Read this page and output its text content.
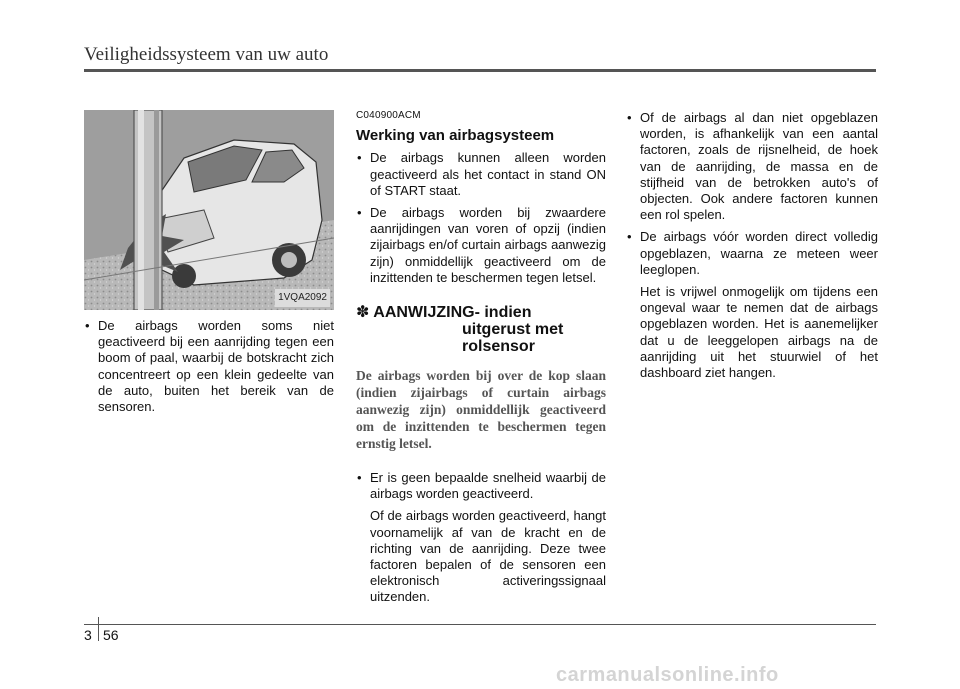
Veiligheidssysteem van uw auto
1VQA2092
• De airbags worden soms niet geactiveerd bij een aanrijding tegen een boom of paal, waarbij de botskracht zich concentreert op een klein gedeelte van de auto, buiten het bereik van de sensoren.
C040900ACM
Werking van airbagsysteem
• De airbags kunnen alleen worden geactiveerd als het contact in stand ON of START staat.
• De airbags worden bij zwaardere aanrijdingen van voren of opzij (indien zijairbags en/of curtain airbags aanwezig zijn) onmiddellijk geactiveerd om de inzittenden te beschermen tegen letsel.
✽ AANWIJZING- indien
uitgerust met
rolsensor
De airbags worden bij over de kop slaan (indien zijairbags of curtain airbags aanwezig zijn) onmiddellijk geactiveerd om de inzittenden te beschermen tegen ernstig letsel.
• Er is geen bepaalde snelheid waarbij de airbags worden geactiveerd.

Of de airbags worden geactiveerd, hangt voornamelijk af van de kracht en de richting van de aanrijding. Deze twee factoren bepalen of de sensoren een elektronisch activeringssignaal uitzenden.

• Of de airbags al dan niet opgeblazen worden, is afhankelijk van een aantal factoren, zoals de rijsnelheid, de hoek van de aanrijding, de massa en de stijfheid van de betrokken auto's of objecten. Ook andere factoren kunnen een rol spelen.
• De airbags vóór worden direct volledig opgeblazen, waarna ze meteen weer leeglopen.

Het is vrijwel onmogelijk om tijdens een ongeval waar te nemen dat de airbags opgeblazen worden. Het is aanemelijker dat u de leeggelopen airbags na de aanrijding uit het stuurwiel of het dashboard ziet hangen.

3 56
carmanualsonline.info
